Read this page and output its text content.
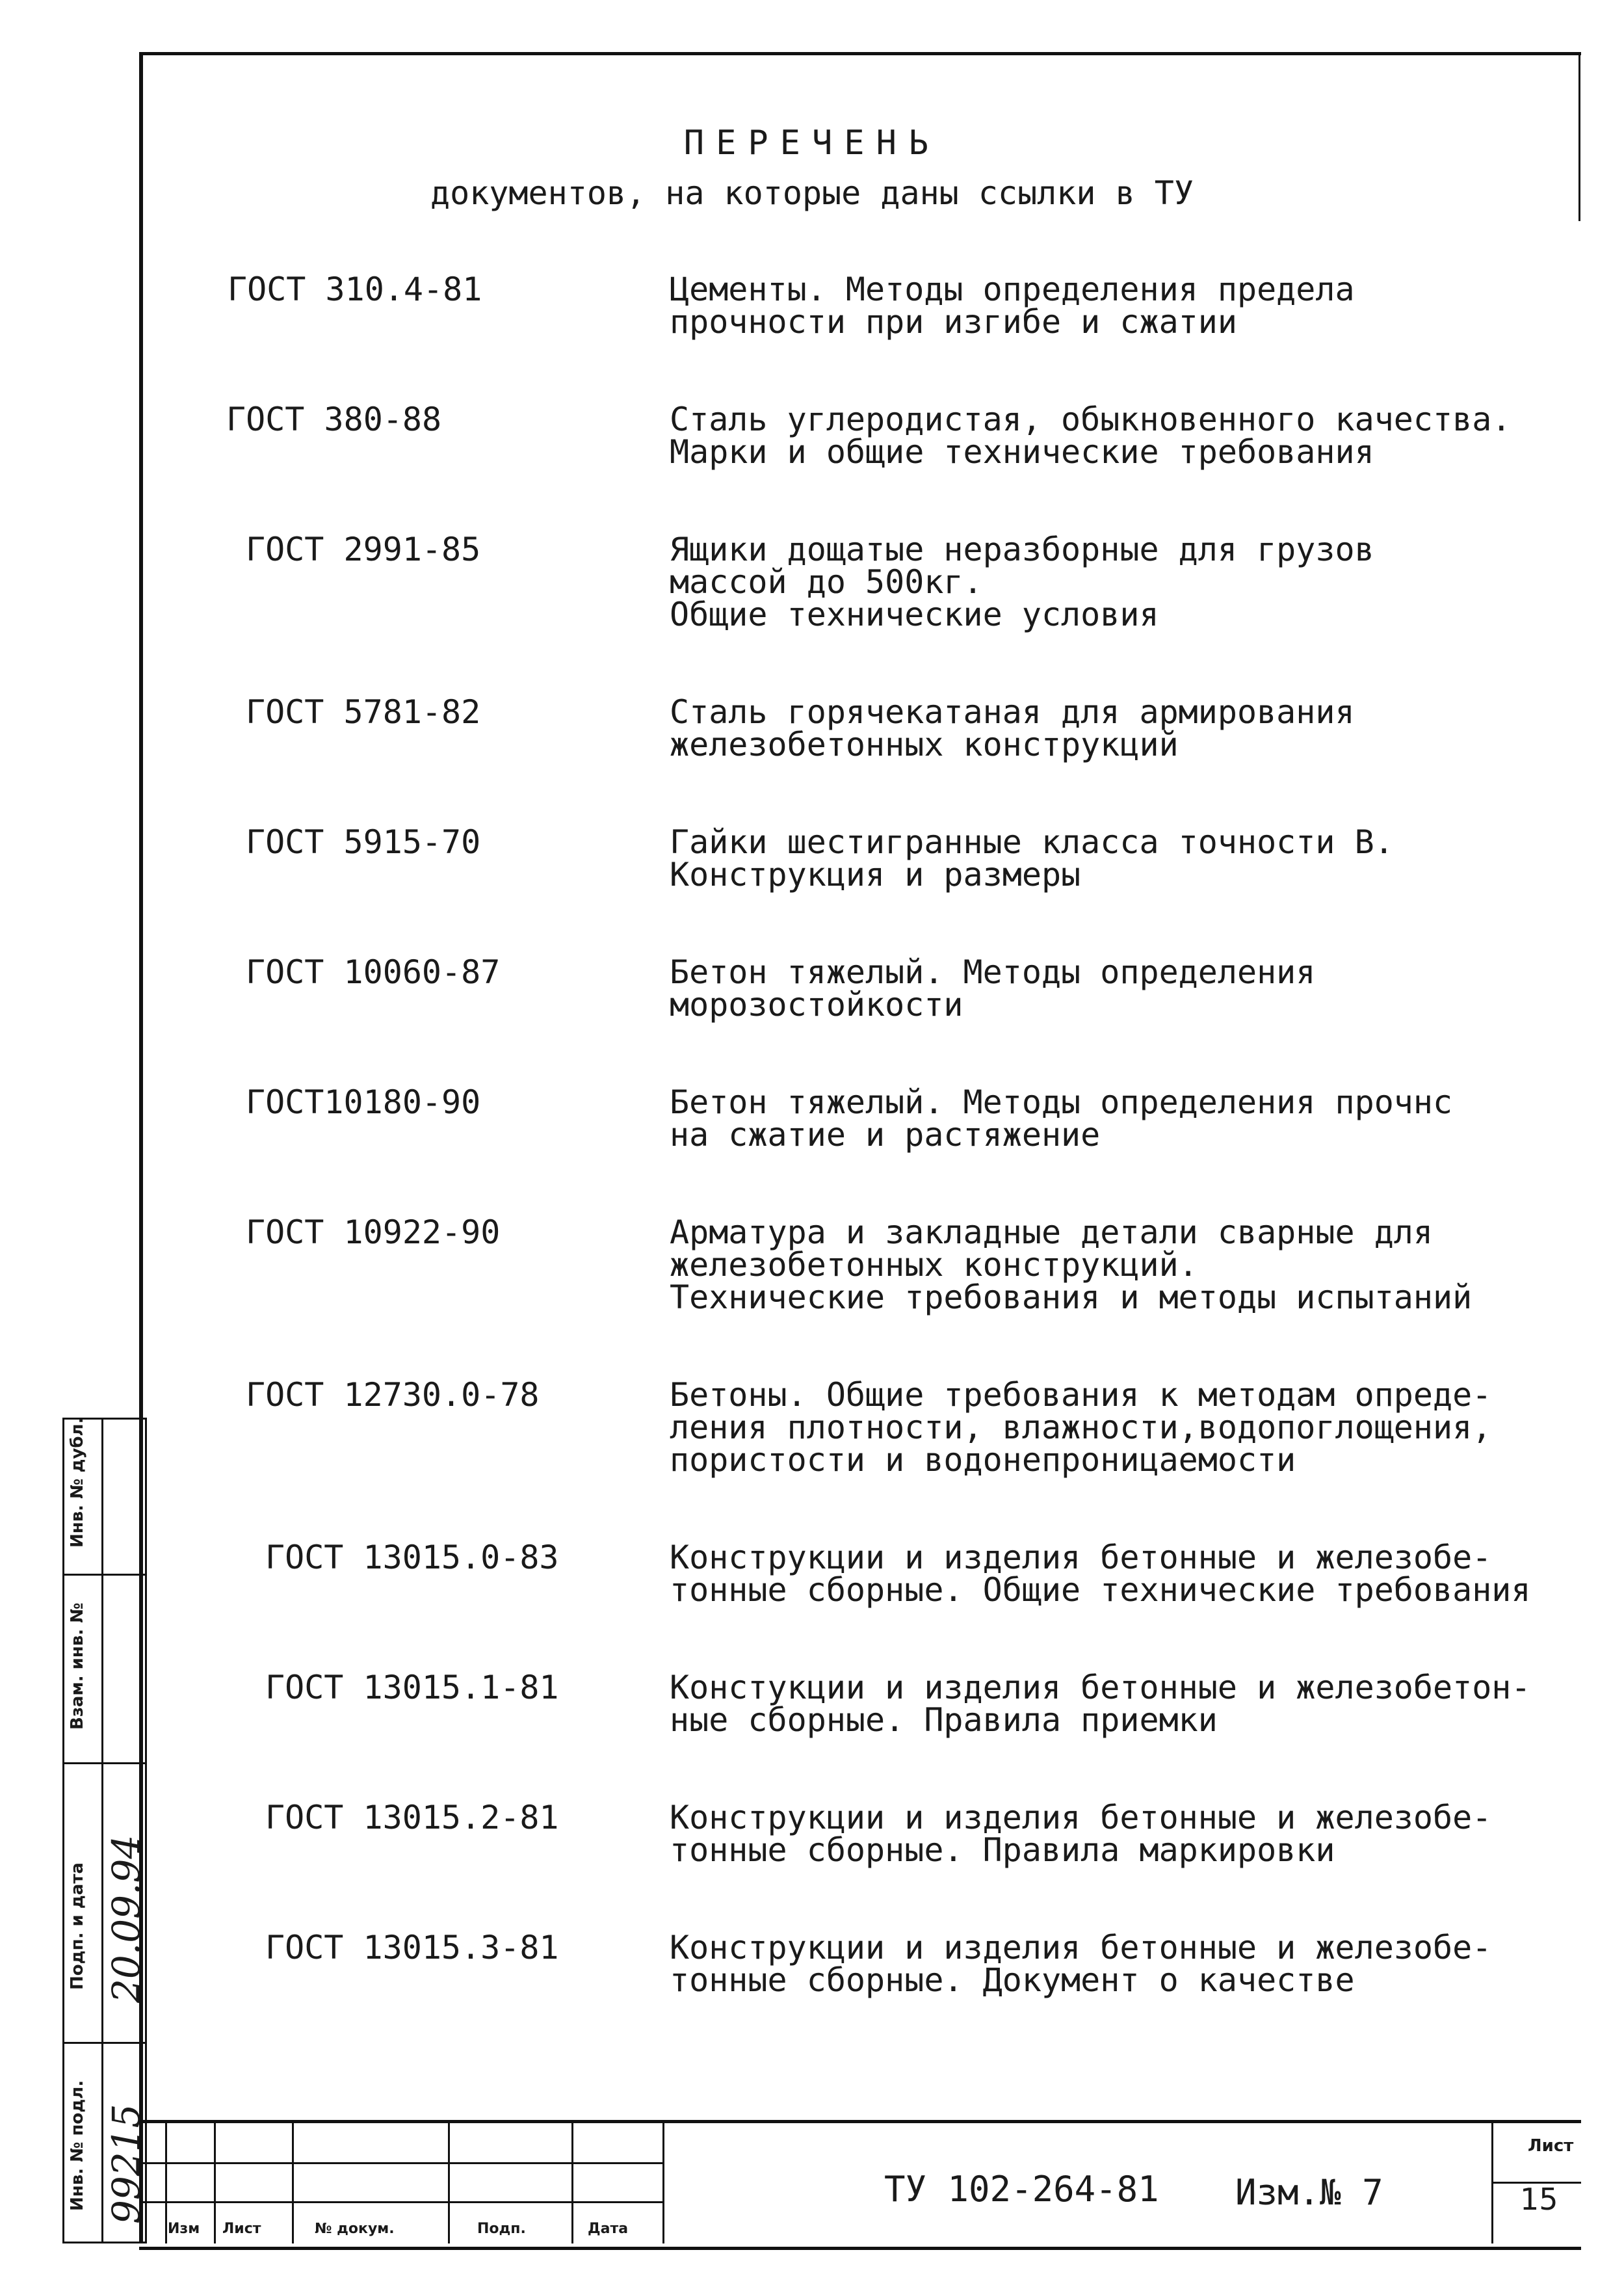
ПЕРЕЧЕНЬ
документов, на которые даны ссылки в ТУ
ГОСТ 310.4-81	Цементы. Методы определения предела
прочности при изгибе и сжатии
ГОСТ 380-88	Сталь углеродистая, обыкновенного качества.
Марки и общие технические требования
ГОСТ 2991-85	Ящики дощатые неразборные для грузов
массой до 500кг.
Общие технические условия
ГОСТ 5781-82	Сталь горячекатаная для армирования
железобетонных конструкций
ГОСТ 5915-70	Гайки шестигранные класса точности В.
Конструкция и размеры
ГОСТ 10060-87	Бетон тяжелый. Методы определения
морозостойкости
ГОСТ10180-90	Бетон тяжелый. Методы определения прочнс
на сжатие и растяжение
ГОСТ 10922-90	Арматура и закладные детали сварные для
железобетонных конструкций.
Технические требования и методы испытаний
ГОСТ 12730.0-78	Бетоны. Общие требования к методам опреде-
ления плотности, влажности,водопоглощения,
пористости и водонепроницаемости
ГОСТ 13015.0-83	Конструкции и изделия бетонные и железобе-
тонные сборные. Общие технические требования
ГОСТ 13015.1-81	Констукции и изделия бетонные и железобетон-
ные сборные. Правила приемки
ГОСТ 13015.2-81	Конструкции и изделия бетонные и железобе-
тонные сборные. Правила маркировки
ГОСТ 13015.3-81	Конструкции и изделия бетонные и железобе-
тонные сборные. Документ о качестве
Инв. № дубл.
Взам. инв. №
Подп. и дата
Инв. № подл.
20.09.94
99215
Изм Лист	№ докум.	Подп.	Дата
ТУ 102-264-81 Изм.№ 7
Лист
15
